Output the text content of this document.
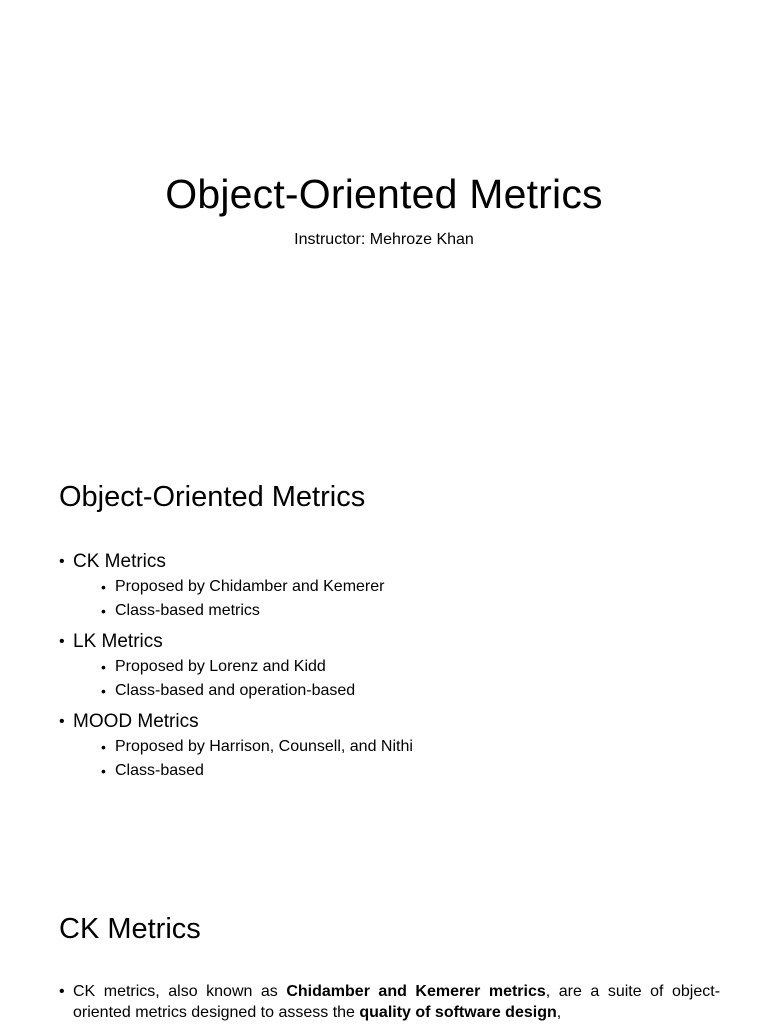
Object-Oriented Metrics
Instructor: Mehroze Khan
Object-Oriented Metrics
• CK Metrics
• Proposed by Chidamber and Kemerer
• Class-based metrics
• LK Metrics
• Proposed by Lorenz and Kidd
• Class-based and operation-based
• MOOD Metrics
• Proposed by Harrison, Counsell, and Nithi
• Class-based
CK Metrics
• CK metrics, also known as Chidamber and Kemerer metrics, are a suite of object-oriented metrics designed to assess the quality of software design,
